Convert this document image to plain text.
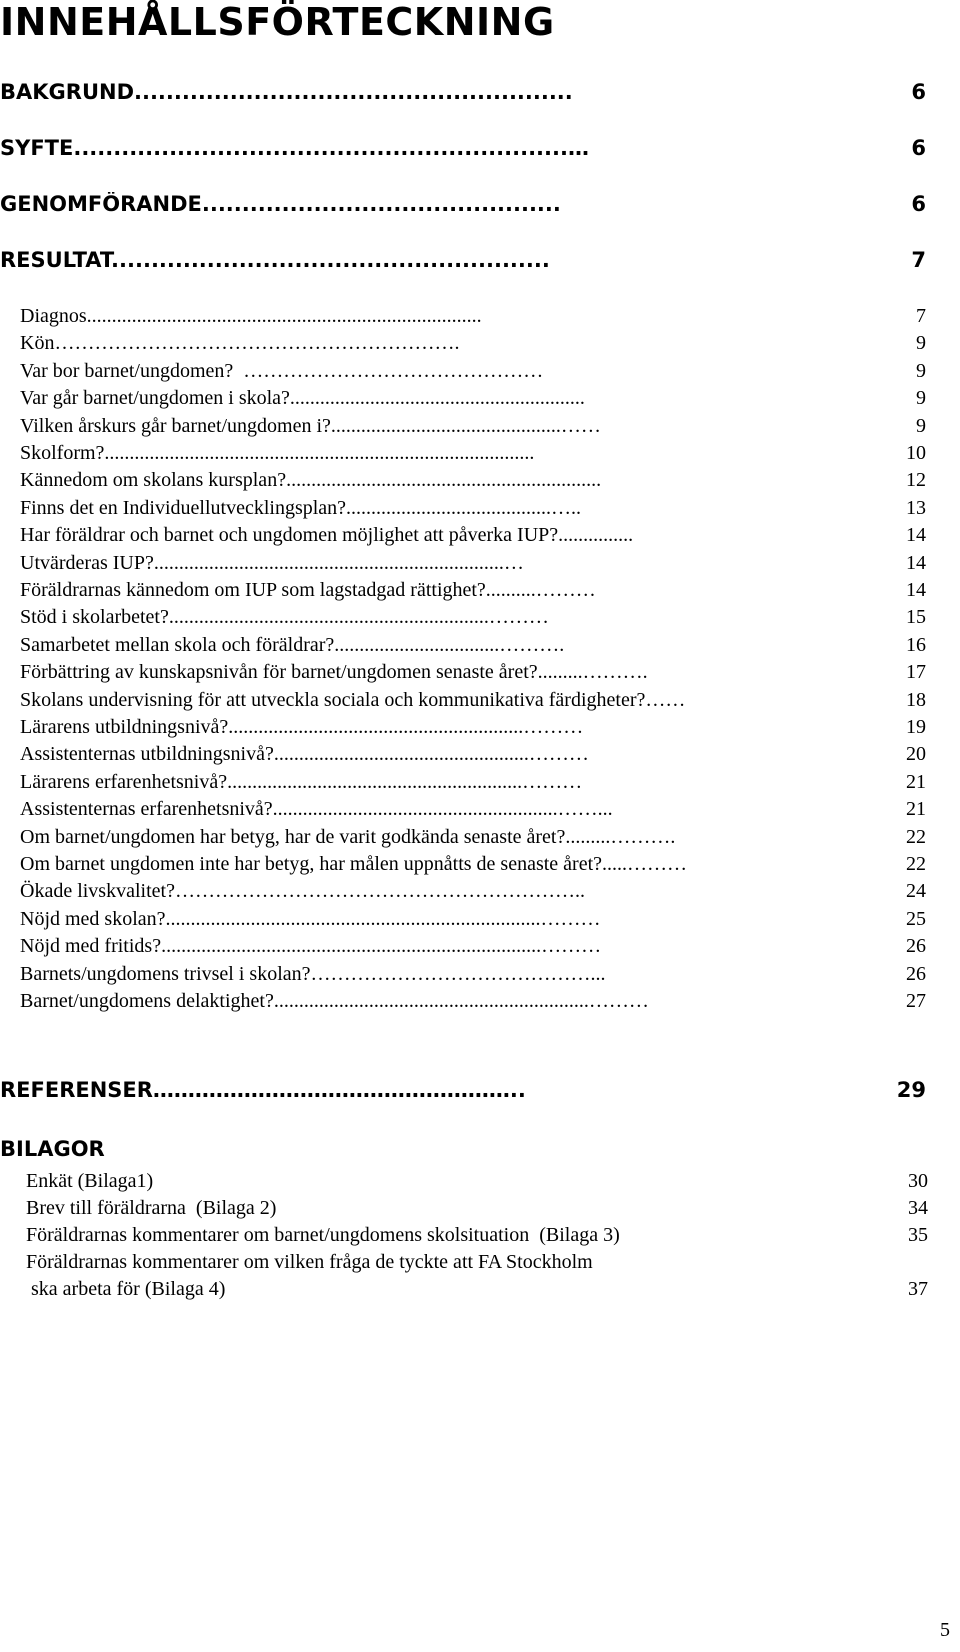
INNEHÅLLSFÖRTECKNING
BAKGRUND.......................................................	6
SYFTE..............................................................…	6
GENOMFÖRANDE.............................................	6
RESULTAT.......................................................	7
Diagnos...............................................................................	7
Kön…………………………………………………….	9
Var bor barnet/ungdomen?  ………………………………………	9
Var går barnet/ungdomen i skola?...........................................................	9
Vilken årskurs går barnet/ungdomen i?..............................................……	9
Skolform?......................................................................................	10
Kännedom om skolans kursplan?...............................................................	12
Finns det en Individuellutvecklingsplan?.........................................…..	13
Har föräldrar och barnet och ungdomen möjlighet att påverka IUP?...............	14
Utvärderas IUP?......................................................................…	14
Föräldrarnas kännedom om IUP som lagstadgad rättighet?..........………	14
Stöd i skolarbetet?................................................................………	15
Samarbetet mellan skola och föräldrar?.................................……….	16
Förbättring av kunskapsnivån för barnet/ungdomen senaste året?.........……….	17
Skolans undervisning för att utveckla sociala och kommunikativa färdigheter?……	18
Lärarens utbildningsnivå?...........................................................………	19
Assistenternas utbildningsnivå?...................................................………	20
Lärarens erfarenhetsnivå?...........................................................………	21
Assistenternas erfarenhetsnivå?.........................................................……...	21
Om barnet/ungdomen har betyg, har de varit godkända senaste året?.........……….	22
Om barnet ungdomen inte har betyg, har målen uppnåtts de senaste året?.....………	22
Ökade livskvalitet?……………………………………………………..	24
Nöjd med skolan?...........................................................................………	25
Nöjd med fritids?............................................................................………	26
Barnets/ungdomens trivsel i skolan?……………………………………...	26
Barnet/ungdomens delaktighet?...............................................................………	27
REFERENSER……………………………………………..	29
BILAGOR
Enkät (Bilaga1)	30
Brev till föräldrarna  (Bilaga 2)	34
Föräldrarnas kommentarer om barnet/ungdomens skolsituation  (Bilaga 3)	35
Föräldrarnas kommentarer om vilken fråga de tyckte att FA Stockholm
ska arbeta för (Bilaga 4)	37
5
